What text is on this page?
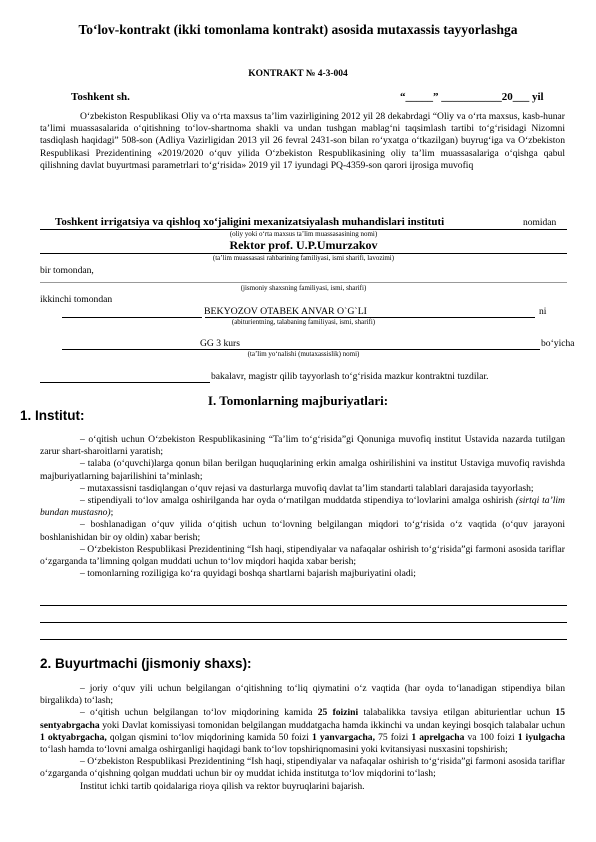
To‘lov-kontrakt (ikki tomonlama kontrakt) asosida mutaxassis tayyorlashga
KONTRAKT № 4-3-004
Toshkent sh.	“_____” ___________20___ yil
O‘zbekiston Respublikasi Oliy va o‘rta maxsus ta’lim vazirligining 2012 yil 28 dekabrdagi “Oliy va o‘rta maxsus, kasb-hunar ta’limi muassasalarida o‘qitishning to‘lov-shartnoma shakli va undan tushgan mablag‘ni taqsimlash tartibi to‘g‘risidagi Nizomni tasdiqlash haqidagi” 508-son (Adliya Vazirligidan 2013 yil 26 fevral 2431-son bilan ro‘yxatga o‘tkazilgan) buyrug‘iga va O‘zbekiston Respublikasi Prezidentining «2019/2020 o‘quv yilida O‘zbekiston Respublikasining oliy ta’lim muassasalariga o‘qishga qabul qilishning davlat buyurtmasi parametrlari to‘g‘risida» 2019 yil 17 iyundagi PQ-4359-son qarori ijrosiga muvofiq
Toshkent irrigatsiya va qishloq xo‘jaligini mexanizatsiyalash muhandislari instituti	nomidan
(oliy yoki o‘rta maxsus ta’lim muassasasining nomi)
Rektor prof. U.P.Umurzakov
(ta’lim muassasasi rahbarining familiyasi, ismi sharifi, lavozimi)
bir tomondan,
(jismoniy shaxsning familiyasi, ismi, sharifi)
ikkinchi tomondan
BEKYOZOV OTABEK ANVAR O`G`LI	ni
(abiturientning, talabaning familiyasi, ismi, sharifi)
GG 3 kurs	bo‘yicha
(ta’lim yo‘nalishi (mutaxassislik) nomi)
bakalavr, magistr qilib tayyorlash to‘g‘risida mazkur kontraktni tuzdilar.
I. Tomonlarning majburiyatlari:
1. Institut:
– o‘qitish uchun O‘zbekiston Respublikasining “Ta’lim to‘g‘risida”gi Qonuniga muvofiq institut Ustavida nazarda tutilgan zarur shart-sharoitlarni yaratish;
– talaba (o‘quvchi)larga qonun bilan berilgan huquqlarining erkin amalga oshirilishini va institut Ustaviga muvofiq ravishda majburiyatlarning bajarilishini ta’minlash;
– mutaxassisni tasdiqlangan o‘quv rejasi va dasturlarga muvofiq davlat ta’lim standarti talablari darajasida tayyorlash;
– stipendiyali to‘lov amalga oshirilganda har oyda o‘rnatilgan muddatda stipendiya to‘lovlarini amalga oshirish (sirtqi ta’lim bundan mustasno);
– boshlanadigan o‘quv yilida o‘qitish uchun to‘lovning belgilangan miqdori to‘g‘risida o‘z vaqtida (o‘quv jarayoni boshlanishidan bir oy oldin) xabar berish;
– O‘zbekiston Respublikasi Prezidentining “Ish haqi, stipendiyalar va nafaqalar oshirish to‘g‘risida”gi farmoni asosida tariflar o‘zgarganda ta’limning qolgan muddati uchun to‘lov miqdori haqida xabar berish;
– tomonlarning roziligiga ko‘ra quyidagi boshqa shartlarni bajarish majburiyatini oladi;
2. Buyurtmachi (jismoniy shaxs):
– joriy o‘quv yili uchun belgilangan o‘qitishning to‘liq qiymatini o‘z vaqtida (har oyda to‘lanadigan stipendiya bilan birgalikda) to‘lash;
– o‘qitish uchun belgilangan to‘lov miqdorining kamida 25 foizini talabalikka tavsiya etilgan abiturientlar uchun 15 sentyabrgacha yoki Davlat komissiyasi tomonidan belgilangan muddatgacha hamda ikkinchi va undan keyingi bosqich talabalar uchun 1 oktyabrgacha, qolgan qismini to‘lov miqdorining kamida 50 foizi 1 yanvargacha, 75 foizi 1 aprelgacha va 100 foizi 1 iyulgacha to‘lash hamda to‘lovni amalga oshirganligi haqidagi bank to‘lov topshiriqnomasini yoki kvitansiyasi nusxasini topshirish;
– O‘zbekiston Respublikasi Prezidentining “Ish haqi, stipendiyalar va nafaqalar oshirish to‘g‘risida”gi farmoni asosida tariflar o‘zgarganda o‘qishning qolgan muddati uchun bir oy muddat ichida institutga to‘lov miqdorini to‘lash;
Institut ichki tartib qoidalariga rioya qilish va rektor buyruqlarini bajarish.
